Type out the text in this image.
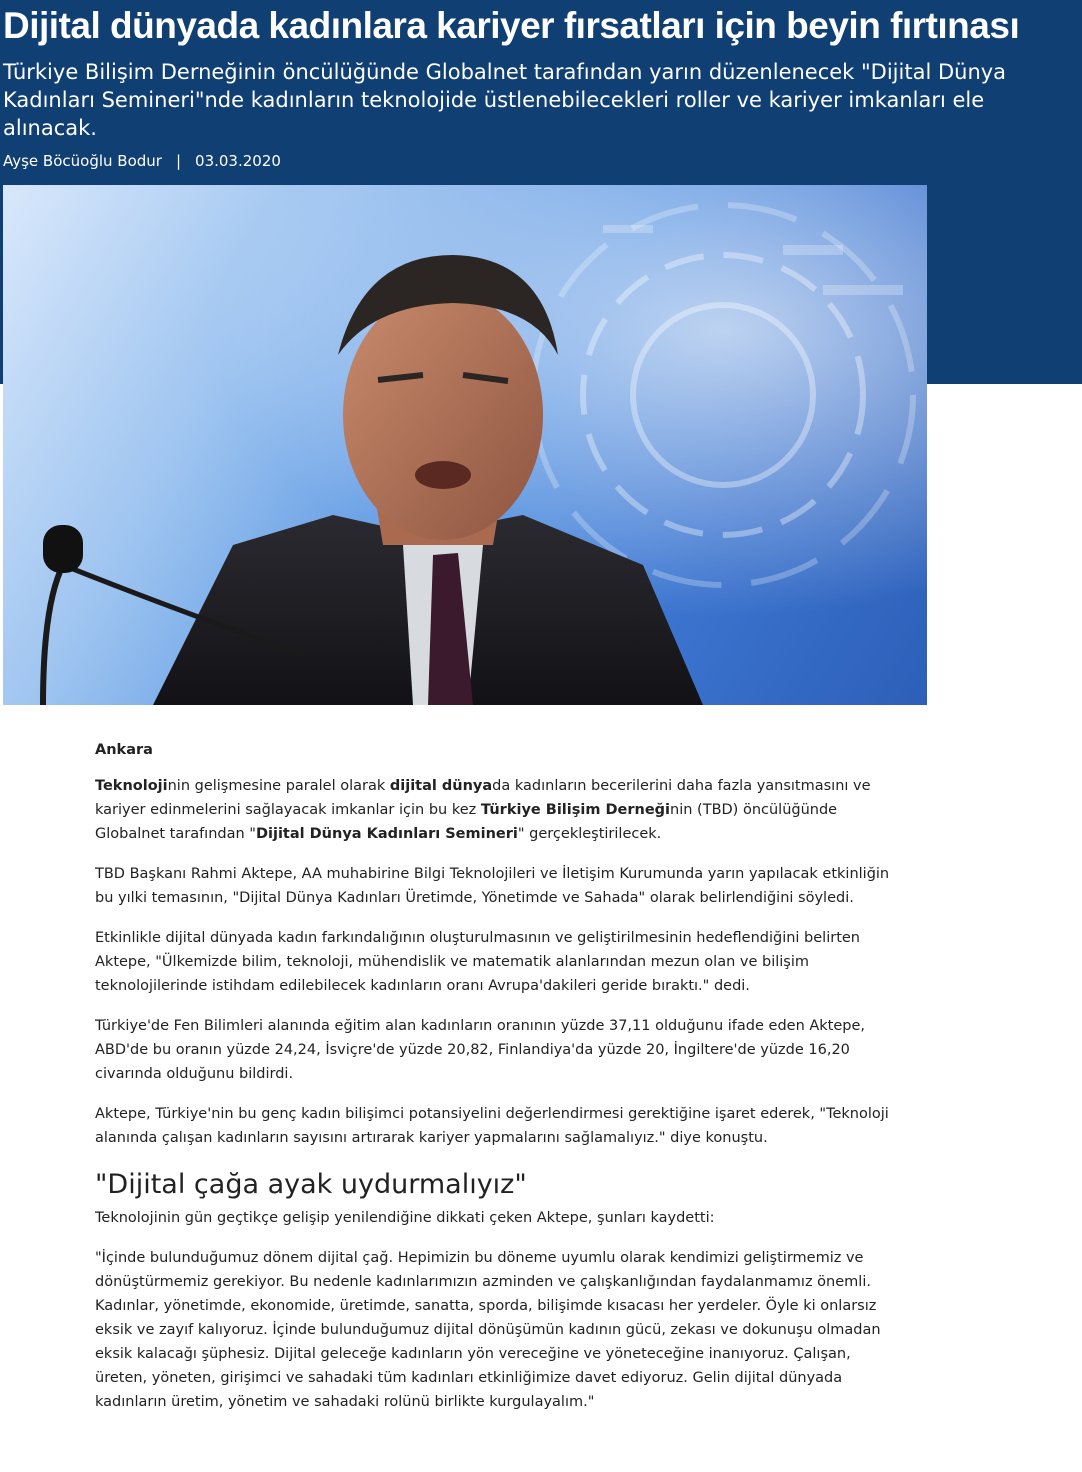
Dijital dünyada kadınlara kariyer fırsatları için beyin fırtınası

Türkiye Bilişim Derneğinin öncülüğünde Globalnet tarafından yarın düzenlenecek "Dijital Dünya Kadınları Semineri"nde kadınların teknolojide üstlenebilecekleri roller ve kariyer imkanları ele alınacak.

Ayşe Böcüoğlu Bodur | 03.03.2020

Ankara

Teknolojinin gelişmesine paralel olarak dijital dünyada kadınların becerilerini daha fazla yansıtmasını ve kariyer edinmelerini sağlayacak imkanlar için bu kez Türkiye Bilişim Derneğinin (TBD) öncülüğünde Globalnet tarafından "Dijital Dünya Kadınları Semineri" gerçekleştirilecek.

TBD Başkanı Rahmi Aktepe, AA muhabirine Bilgi Teknolojileri ve İletişim Kurumunda yarın yapılacak etkinliğin bu yılki temasının, "Dijital Dünya Kadınları Üretimde, Yönetimde ve Sahada" olarak belirlendiğini söyledi.

Etkinlikle dijital dünyada kadın farkındalığının oluşturulmasının ve geliştirilmesinin hedeflendiğini belirten Aktepe, "Ülkemizde bilim, teknoloji, mühendislik ve matematik alanlarından mezun olan ve bilişim teknolojilerinde istihdam edilebilecek kadınların oranı Avrupa'dakileri geride bıraktı." dedi.

Türkiye'de Fen Bilimleri alanında eğitim alan kadınların oranının yüzde 37,11 olduğunu ifade eden Aktepe, ABD'de bu oranın yüzde 24,24, İsviçre'de yüzde 20,82, Finlandiya'da yüzde 20, İngiltere'de yüzde 16,20 civarında olduğunu bildirdi.

Aktepe, Türkiye'nin bu genç kadın bilişimci potansiyelini değerlendirmesi gerektiğine işaret ederek, "Teknoloji alanında çalışan kadınların sayısını artırarak kariyer yapmalarını sağlamalıyız." diye konuştu.

"Dijital çağa ayak uydurmalıyız"

Teknolojinin gün geçtikçe gelişip yenilendiğine dikkati çeken Aktepe, şunları kaydetti:

"İçinde bulunduğumuz dönem dijital çağ. Hepimizin bu döneme uyumlu olarak kendimizi geliştirmemiz ve dönüştürmemiz gerekiyor. Bu nedenle kadınlarımızın azminden ve çalışkanlığından faydalanmamız önemli. Kadınlar, yönetimde, ekonomide, üretimde, sanatta, sporda, bilişimde kısacası her yerdeler. Öyle ki onlarsız eksik ve zayıf kalıyoruz. İçinde bulunduğumuz dijital dönüşümün kadının gücü, zekası ve dokunuşu olmadan eksik kalacağı şüphesiz. Dijital geleceğe kadınların yön vereceğine ve yöneteceğine inanıyoruz. Çalışan, üreten, yöneten, girişimci ve sahadaki tüm kadınları etkinliğimize davet ediyoruz. Gelin dijital dünyada kadınların üretim, yönetim ve sahadaki rolünü birlikte kurgulayalım."
